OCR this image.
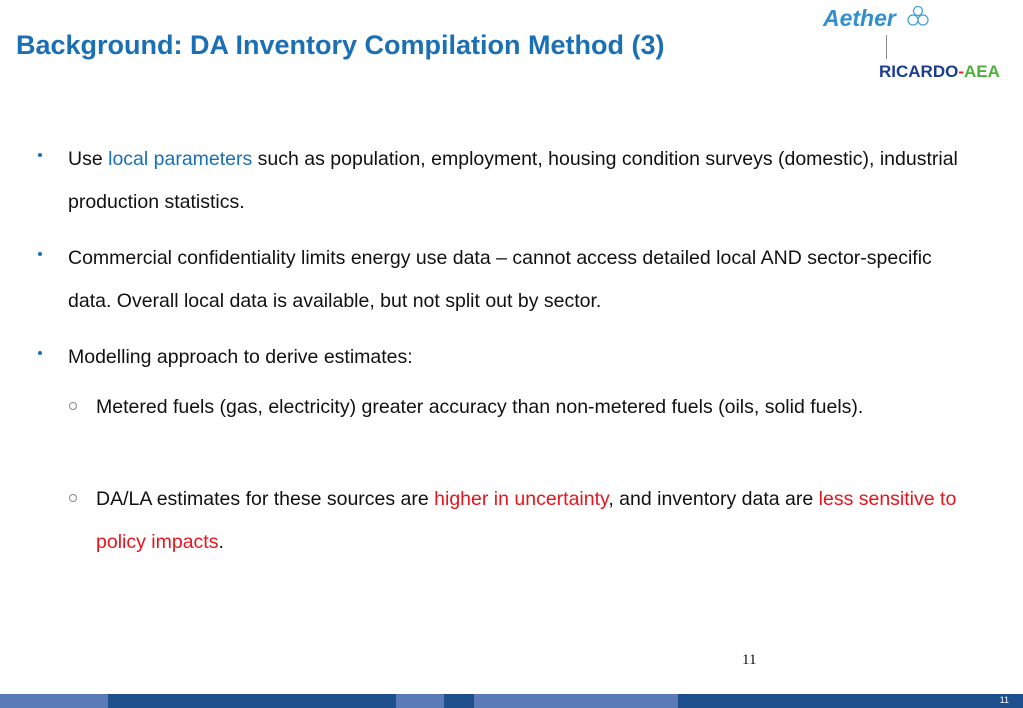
Background: DA Inventory Compilation Method (3)
Aether
RICARDO-AEA

Use local parameters such as population, employment, housing condition surveys (domestic), industrial production statistics.

Commercial confidentiality limits energy use data – cannot access detailed local AND sector-specific data. Overall local data is available, but not split out by sector.

Modelling approach to derive estimates:

Metered fuels (gas, electricity) greater accuracy than non-metered fuels (oils, solid fuels).

DA/LA estimates for these sources are higher in uncertainty, and inventory data are less sensitive to policy impacts.

11
11
